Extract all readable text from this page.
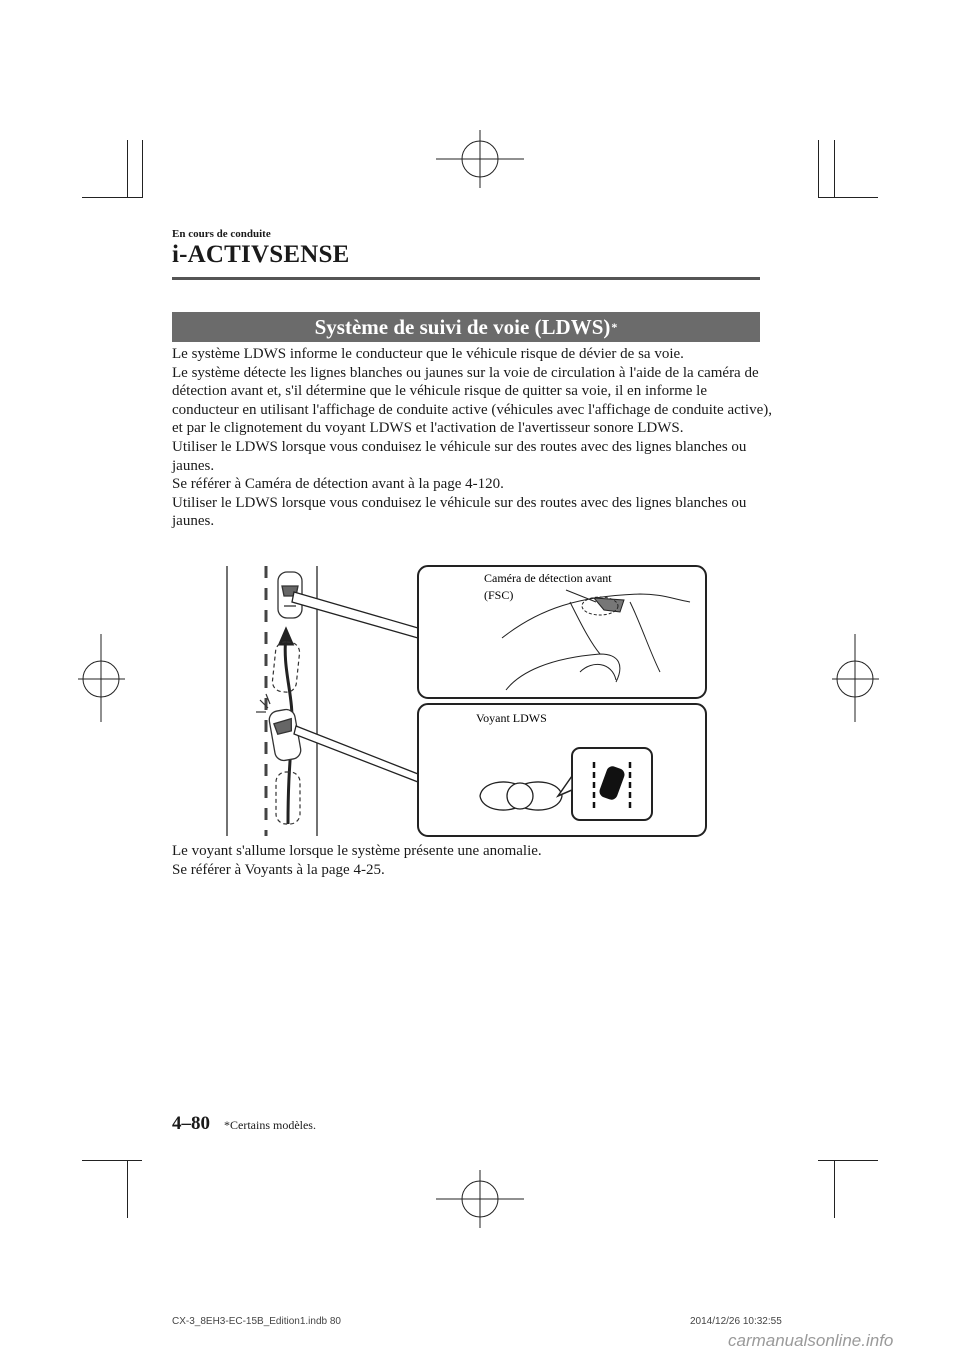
En cours de conduite
i-ACTIVSENSE
Système de suivi de voie (LDWS) *

Le système LDWS informe le conducteur que le véhicule risque de dévier de sa voie.

Le système détecte les lignes blanches ou jaunes sur la voie de circulation à l'aide de la caméra de détection avant et, s'il détermine que le véhicule risque de quitter sa voie, il en informe le conducteur en utilisant l'affichage de conduite active (véhicules avec l'affichage de conduite active), et par le clignotement du voyant LDWS et l'activation de l'avertisseur sonore LDWS.

Utiliser le LDWS lorsque vous conduisez le véhicule sur des routes avec des lignes blanches ou jaunes.

Se référer à Caméra de détection avant à la page 4-120.

Utiliser le LDWS lorsque vous conduisez le véhicule sur des routes avec des lignes blanches ou jaunes.

Caméra de détection avant
(FSC)
Voyant LDWS

Le voyant s'allume lorsque le système présente une anomalie.

Se référer à Voyants à la page 4-25.

4–80 *Certains modèles.
CX-3_8EH3-EC-15B_Edition1.indb 80	2014/12/26 10:32:55
carmanualsonline.info
